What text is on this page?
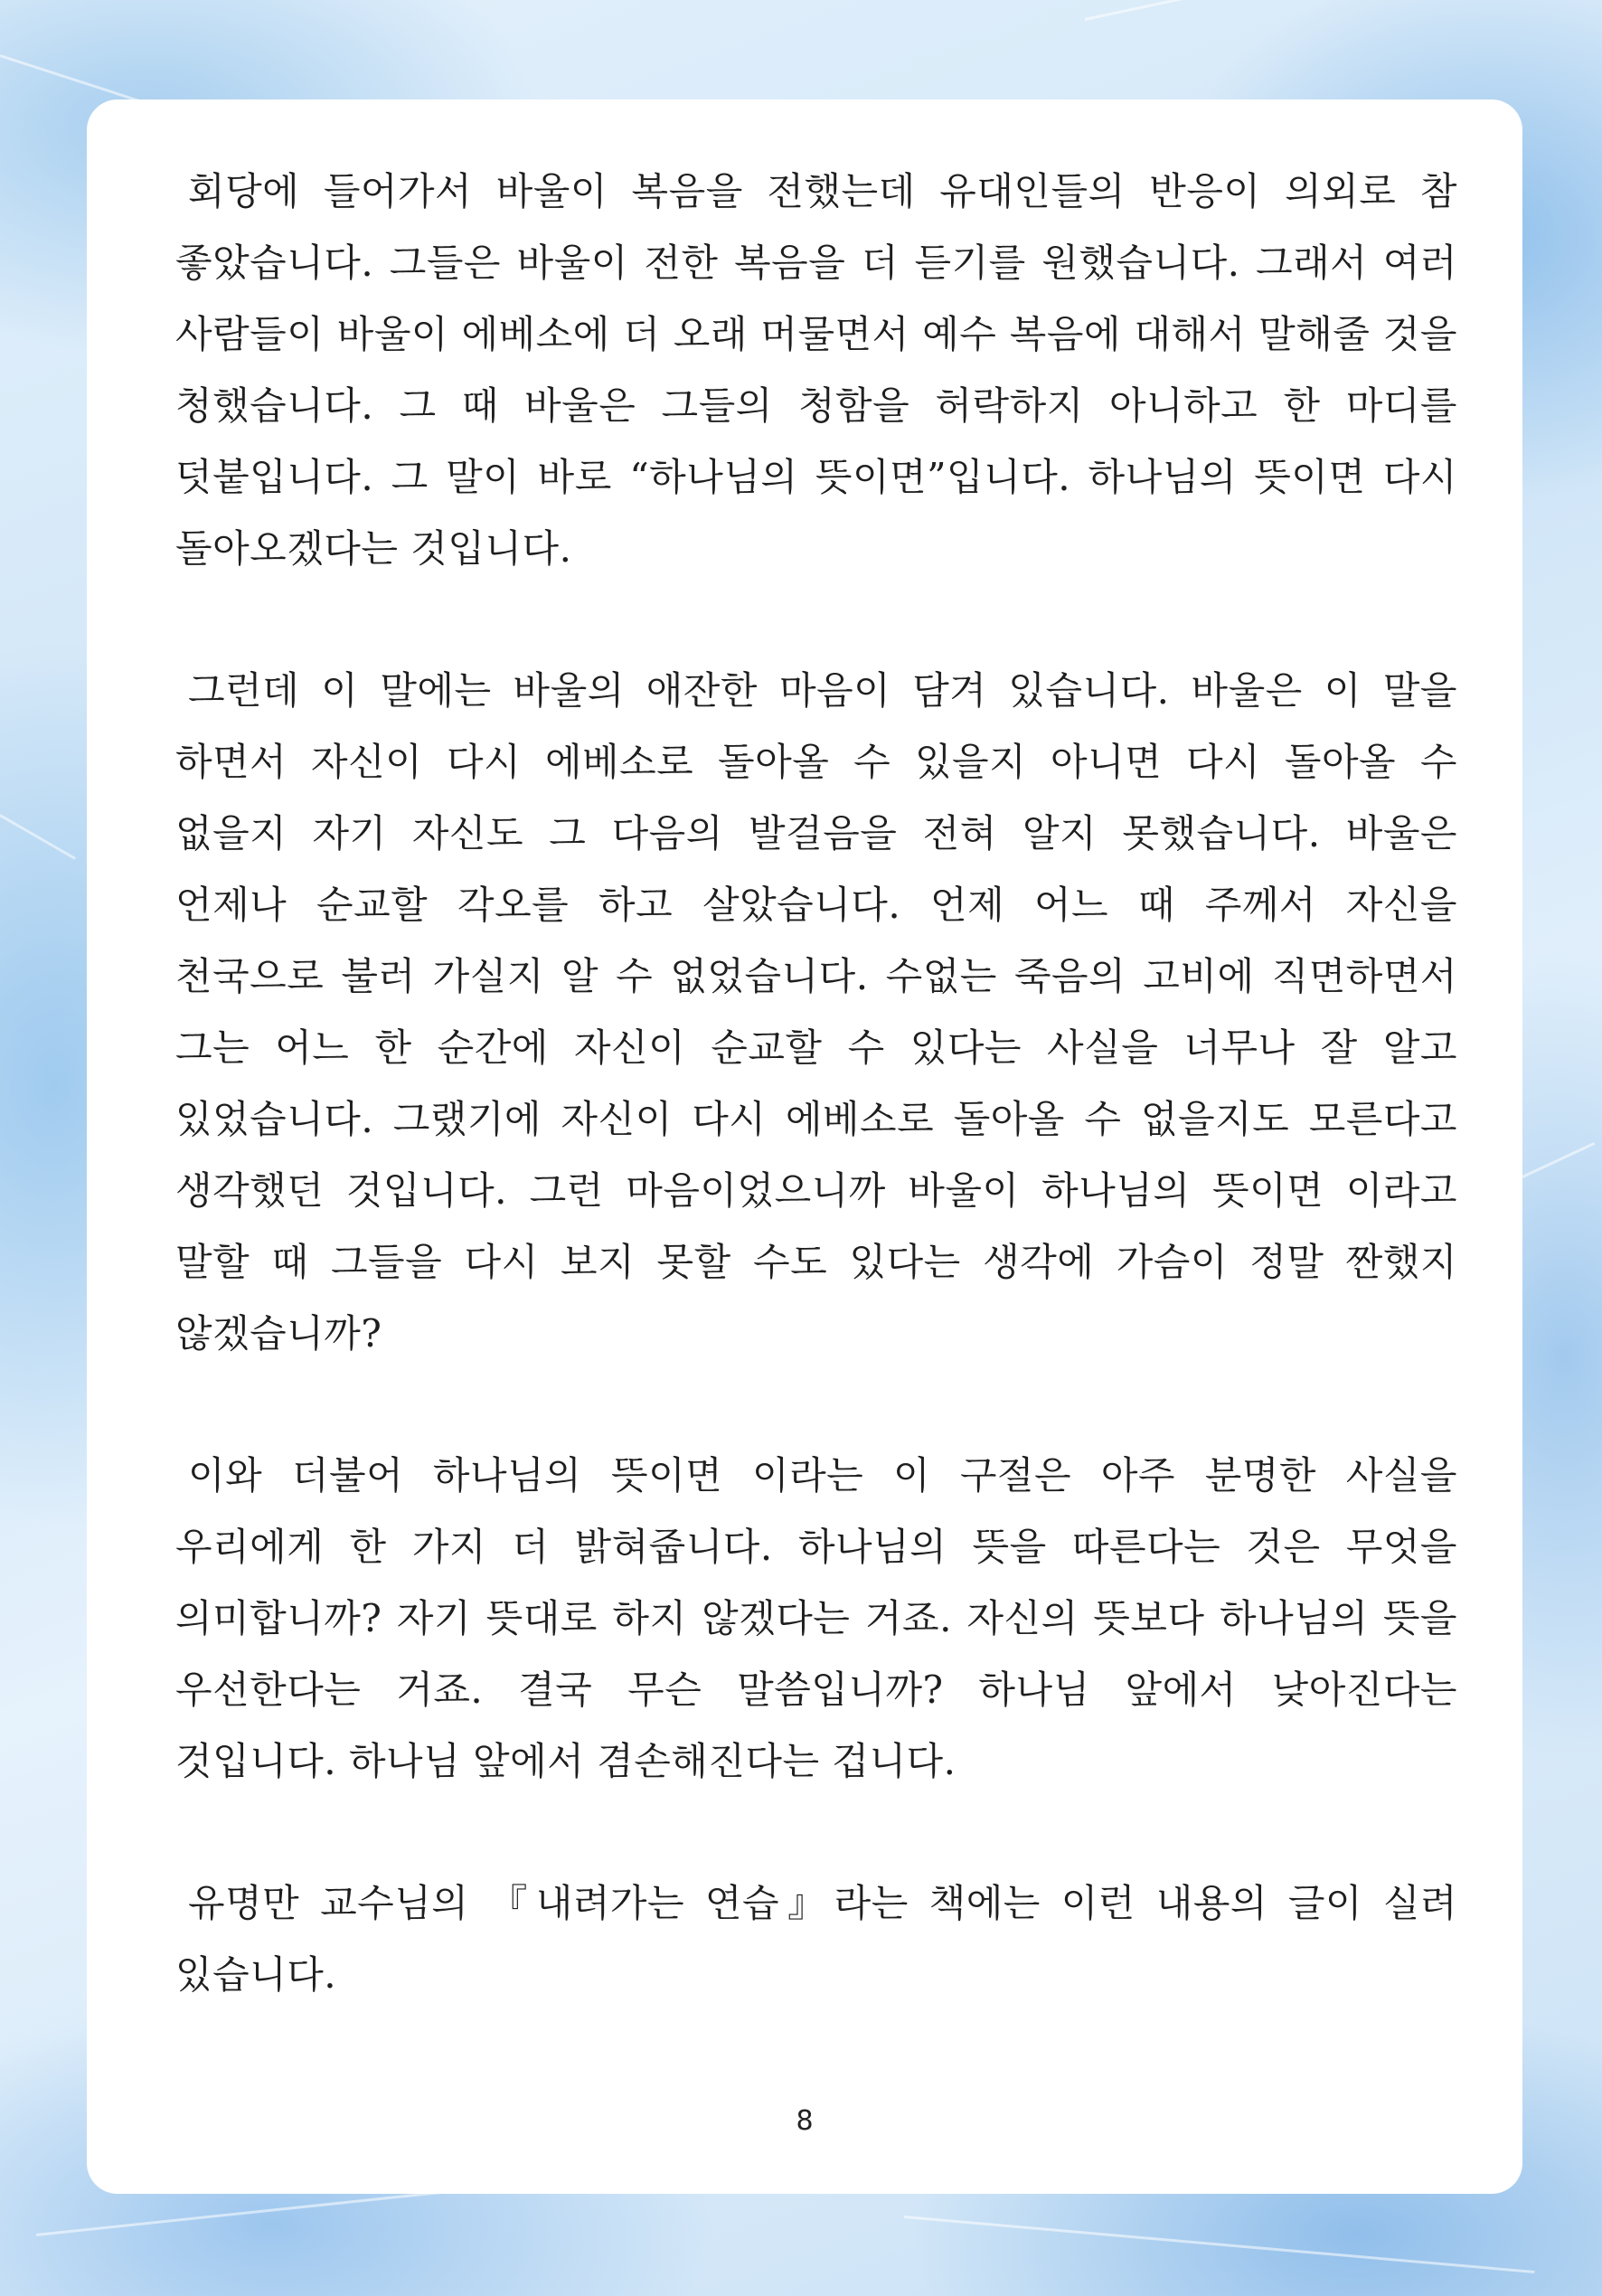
회당에 들어가서 바울이 복음을 전했는데 유대인들의 반응이 의외로 참 좋았습니다. 그들은 바울이 전한 복음을 더 듣기를 원했습니다. 그래서 여러 사람들이 바울이 에베소에 더 오래 머물면서 예수 복음에 대해서 말해줄 것을 청했습니다. 그 때 바울은 그들의 청함을 허락하지 아니하고 한 마디를 덧붙입니다. 그 말이 바로 “하나님의 뜻이면”입니다. 하나님의 뜻이면 다시 돌아오겠다는 것입니다.

그런데 이 말에는 바울의 애잔한 마음이 담겨 있습니다. 바울은 이 말을 하면서 자신이 다시 에베소로 돌아올 수 있을지 아니면 다시 돌아올 수 없을지 자기 자신도 그 다음의 발걸음을 전혀 알지 못했습니다. 바울은 언제나 순교할 각오를 하고 살았습니다. 언제 어느 때 주께서 자신을 천국으로 불러 가실지 알 수 없었습니다. 수없는 죽음의 고비에 직면하면서 그는 어느 한 순간에 자신이 순교할 수 있다는 사실을 너무나 잘 알고 있었습니다. 그랬기에 자신이 다시 에베소로 돌아올 수 없을지도 모른다고 생각했던 것입니다. 그런 마음이었으니까 바울이 하나님의 뜻이면 이라고 말할 때 그들을 다시 보지 못할 수도 있다는 생각에 가슴이 정말 짠했지 않겠습니까?

이와 더불어 하나님의 뜻이면 이라는 이 구절은 아주 분명한 사실을 우리에게 한 가지 더 밝혀줍니다. 하나님의 뜻을 따른다는 것은 무엇을 의미합니까? 자기 뜻대로 하지 않겠다는 거죠. 자신의 뜻보다 하나님의 뜻을 우선한다는 거죠. 결국 무슨 말씀입니까? 하나님 앞에서 낮아진다는 것입니다. 하나님 앞에서 겸손해진다는 겁니다.

유명만 교수님의 『내려가는 연습』라는 책에는 이런 내용의 글이 실려 있습니다.

8
